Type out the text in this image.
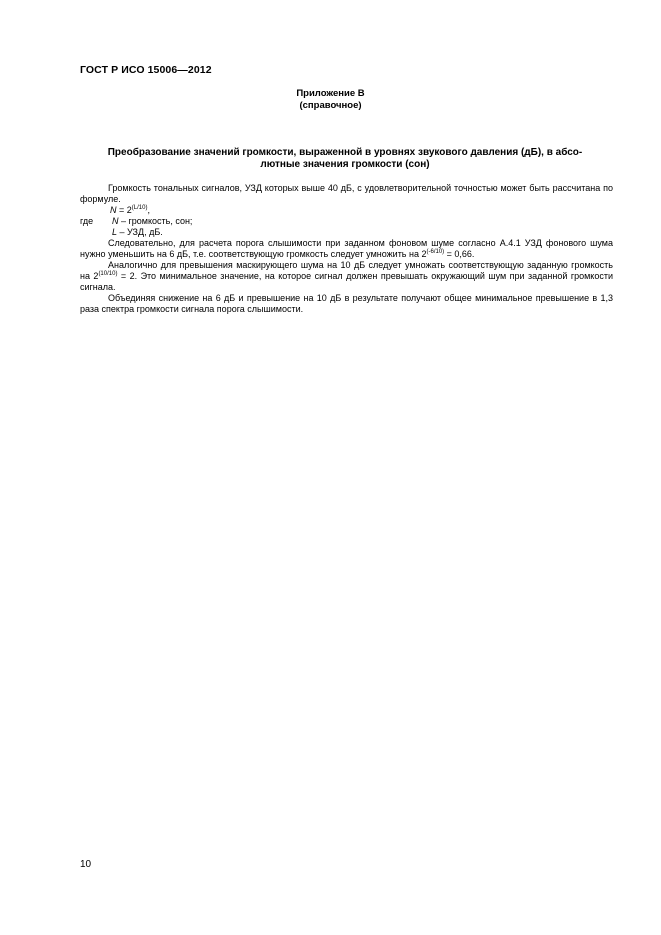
ГОСТ Р ИСО 15006—2012
Приложение В
(справочное)
Преобразование значений громкости, выраженной в уровнях звукового давления (дБ), в абсо-
лютные значения громкости (сон)

Громкость тональных сигналов, УЗД которых выше 40 дБ, с удовлетворительной точностью может быть рассчитана по формуле.

$N = 2^{(L/10)}$,

где N – громкость, сон;

L – УЗД, дБ.

Следовательно, для расчета порога слышимости при заданном фоновом шуме согласно А.4.1 УЗД фонового шума нужно уменьшить на 6 дБ, т.е. соответствующую громкость следует умножить на $2^{(-6/10)} = 0,66$.

Аналогично для превышения маскирующего шума на 10 дБ следует умножать соответствующую заданную громкость на $2^{(10/10)} = 2$. Это минимальное значение, на которое сигнал должен превышать окружающий шум при заданной громкости сигнала.

Объединяя снижение на 6 дБ и превышение на 10 дБ в результате получают общее минимальное превышение в 1,3 раза спектра громкости сигнала порога слышимости.

10
